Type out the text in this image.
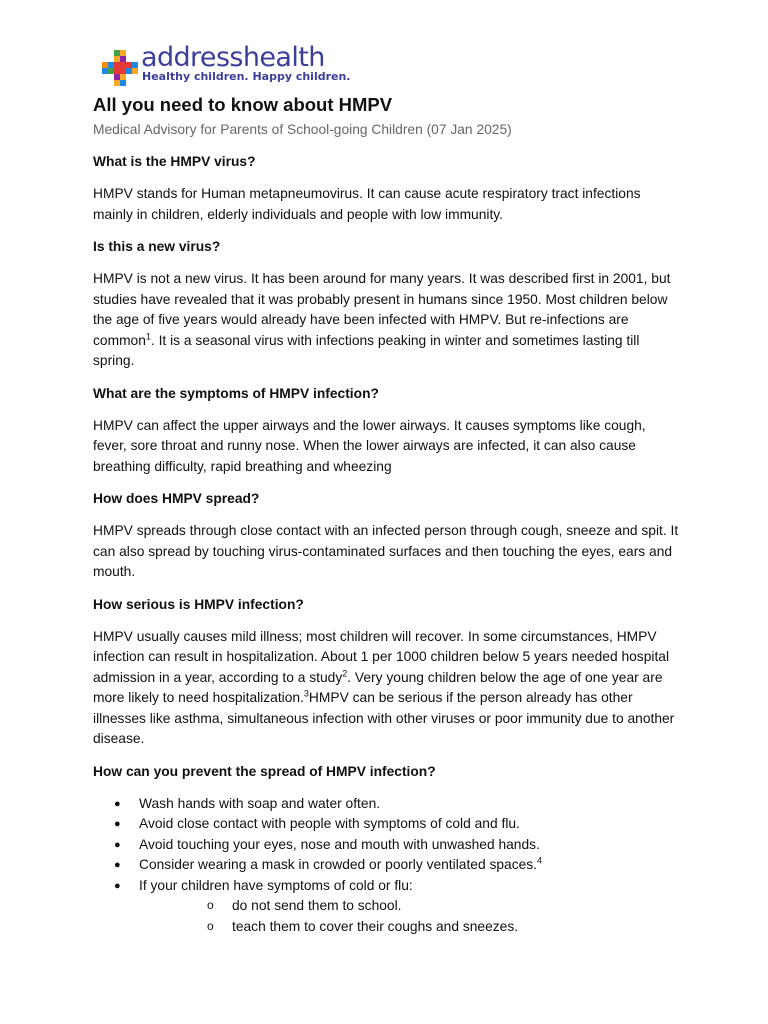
addresshealth
Healthy children. Happy children.
All you need to know about HMPV
Medical Advisory for Parents of School-going Children (07 Jan 2025)
What is the HMPV virus?
HMPV stands for Human metapneumovirus. It can cause acute respiratory tract infections mainly in children, elderly individuals and people with low immunity.
Is this a new virus?
HMPV is not a new virus. It has been around for many years. It was described first in 2001, but studies have revealed that it was probably present in humans since 1950. Most children below the age of five years would already have been infected with HMPV. But re-infections are common$^1$. It is a seasonal virus with infections peaking in winter and sometimes lasting till spring.
What are the symptoms of HMPV infection?
HMPV can affect the upper airways and the lower airways. It causes symptoms like cough, fever, sore throat and runny nose. When the lower airways are infected, it can also cause breathing difficulty, rapid breathing and wheezing
How does HMPV spread?
HMPV spreads through close contact with an infected person through cough, sneeze and spit. It can also spread by touching virus-contaminated surfaces and then touching the eyes, ears and mouth.
How serious is HMPV infection?
HMPV usually causes mild illness; most children will recover. In some circumstances, HMPV infection can result in hospitalization. About 1 per 1000 children below 5 years needed hospital admission in a year, according to a study$^2$. Very young children below the age of one year are more likely to need hospitalization.$^3$HMPV can be serious if the person already has other illnesses like asthma, simultaneous infection with other viruses or poor immunity due to another disease.
How can you prevent the spread of HMPV infection?
● Wash hands with soap and water often.
● Avoid close contact with people with symptoms of cold and flu.
● Avoid touching your eyes, nose and mouth with unwashed hands.
● Consider wearing a mask in crowded or poorly ventilated spaces.$^4$
● If your children have symptoms of cold or flu:
o do not send them to school.
o teach them to cover their coughs and sneezes.
